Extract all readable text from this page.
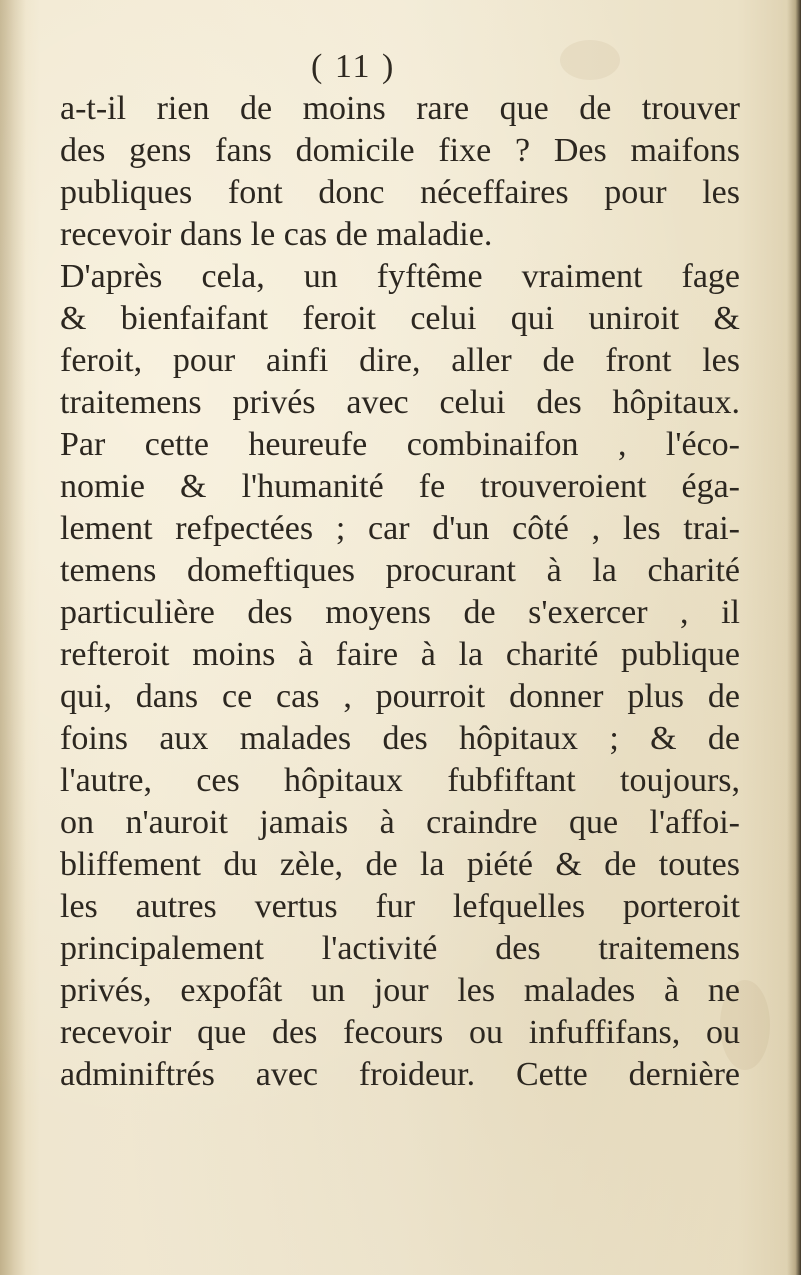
( 11 )
a-t-il rien de moins rare que de trouver
des gens fans domicile fixe ? Des maifons
publiques font donc néceffaires pour les
recevoir dans le cas de maladie.
D'après cela, un fyftême vraiment fage
& bienfaifant feroit celui qui uniroit &
feroit, pour ainfi dire, aller de front les
traitemens privés avec celui des hôpitaux.
Par cette heureufe combinaifon , l'éco-
nomie & l'humanité fe trouveroient éga-
lement refpectées ; car d'un côté , les trai-
temens domeftiques procurant à la charité
particulière des moyens de s'exercer , il
refteroit moins à faire à la charité publique
qui, dans ce cas , pourroit donner plus de
foins aux malades des hôpitaux ; & de
l'autre, ces hôpitaux fubfiftant toujours,
on n'auroit jamais à craindre que l'affoi-
bliffement du zèle, de la piété & de toutes
les autres vertus fur lefquelles porteroit
principalement l'activité des traitemens
privés, expofât un jour les malades à ne
recevoir que des fecours ou infuffifans, ou
adminiftrés avec froideur. Cette dernière
